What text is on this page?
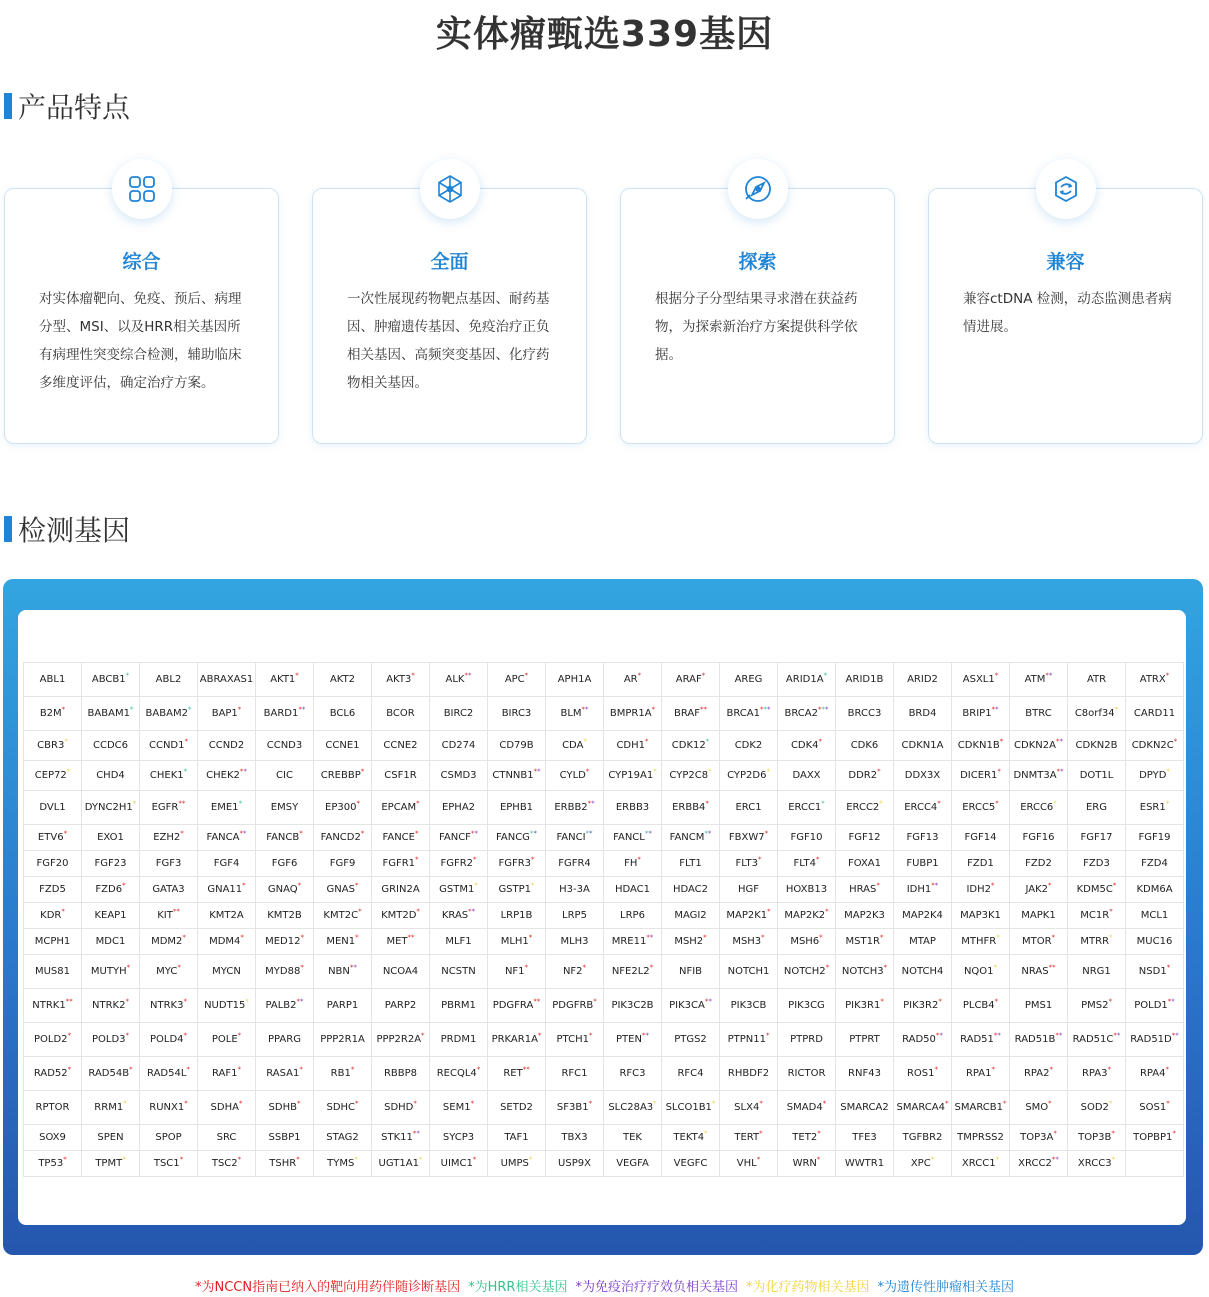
实体瘤甄选339基因
产品特点
综合
对实体瘤靶向、免疫、预后、病理分型、MSI、以及HRR相关基因所有病理性突变综合检测，辅助临床多维度评估，确定治疗方案。
全面
一次性展现药物靶点基因、耐药基因、肿瘤遗传基因、免疫治疗正负相关基因、高频突变基因、化疗药物相关基因。
探索
根据分子分型结果寻求潜在获益药物，为探索新治疗方案提供科学依据。
兼容
兼容ctDNA 检测，动态监测患者病情进展。
检测基因
ABL1	ABCB1*	ABL2	ABRAXAS1	AKT1*	AKT2	AKT3*	ALK**	APC*	APH1A	AR*	ARAF*	AREG	ARID1A*	ARID1B	ARID2	ASXL1*	ATM**	ATR	ATRX*
B2M*	BABAM1*	BABAM2*	BAP1*	BARD1**	BCL6	BCOR	BIRC2	BIRC3	BLM**	BMPR1A*	BRAF**	BRCA1***	BRCA2***	BRCC3	BRD4	BRIP1**	BTRC	C8orf34*	CARD11
CBR3*	CCDC6	CCND1*	CCND2	CCND3	CCNE1	CCNE2	CD274	CD79B	CDA*	CDH1*	CDK12*	CDK2	CDK4*	CDK6	CDKN1A	CDKN1B*	CDKN2A**	CDKN2B	CDKN2C*
CEP72*	CHD4	CHEK1*	CHEK2**	CIC	CREBBP*	CSF1R	CSMD3	CTNNB1**	CYLD*	CYP19A1*	CYP2C8*	CYP2D6*	DAXX	DDR2*	DDX3X	DICER1*	DNMT3A**	DOT1L	DPYD*
DVL1	DYNC2H1*	EGFR**	EME1*	EMSY	EP300*	EPCAM*	EPHA2	EPHB1	ERBB2**	ERBB3	ERBB4*	ERC1	ERCC1*	ERCC2*	ERCC4*	ERCC5*	ERCC6*	ERG	ESR1*
ETV6*	EXO1	EZH2*	FANCA**	FANCB*	FANCD2*	FANCE*	FANCF**	FANCG**	FANCI**	FANCL**	FANCM**	FBXW7*	FGF10	FGF12	FGF13	FGF14	FGF16	FGF17	FGF19
FGF20	FGF23	FGF3	FGF4	FGF6	FGF9	FGFR1*	FGFR2*	FGFR3*	FGFR4	FH*	FLT1	FLT3*	FLT4*	FOXA1	FUBP1	FZD1	FZD2	FZD3	FZD4
FZD5	FZD6*	GATA3	GNA11*	GNAQ*	GNAS*	GRIN2A	GSTM1*	GSTP1*	H3-3A	HDAC1	HDAC2	HGF	HOXB13	HRAS*	IDH1**	IDH2*	JAK2*	KDM5C*	KDM6A
KDR*	KEAP1	KIT**	KMT2A	KMT2B	KMT2C*	KMT2D*	KRAS**	LRP1B	LRP5	LRP6	MAGI2	MAP2K1*	MAP2K2*	MAP2K3	MAP2K4	MAP3K1	MAPK1	MC1R*	MCL1
MCPH1	MDC1	MDM2*	MDM4*	MED12*	MEN1*	MET**	MLF1	MLH1*	MLH3	MRE11**	MSH2*	MSH3*	MSH6*	MST1R*	MTAP	MTHFR*	MTOR*	MTRR*	MUC16
MUS81	MUTYH*	MYC*	MYCN	MYD88*	NBN**	NCOA4	NCSTN	NF1*	NF2*	NFE2L2*	NFIB	NOTCH1	NOTCH2*	NOTCH3*	NOTCH4	NQO1*	NRAS**	NRG1	NSD1*
NTRK1**	NTRK2*	NTRK3*	NUDT15*	PALB2**	PARP1	PARP2	PBRM1	PDGFRA**	PDGFRB*	PIK3C2B	PIK3CA**	PIK3CB	PIK3CG	PIK3R1*	PIK3R2*	PLCB4*	PMS1	PMS2*	POLD1**
POLD2*	POLD3*	POLD4*	POLE*	PPARG	PPP2R1A	PPP2R2A*	PRDM1	PRKAR1A*	PTCH1*	PTEN**	PTGS2	PTPN11*	PTPRD	PTPRT	RAD50**	RAD51**	RAD51B**	RAD51C**	RAD51D**
RAD52*	RAD54B*	RAD54L*	RAF1*	RASA1*	RB1*	RBBP8	RECQL4*	RET**	RFC1	RFC3	RFC4	RHBDF2	RICTOR	RNF43	ROS1*	RPA1*	RPA2*	RPA3*	RPA4*
RPTOR	RRM1*	RUNX1*	SDHA*	SDHB*	SDHC*	SDHD*	SEM1*	SETD2	SF3B1*	SLC28A3*	SLCO1B1*	SLX4*	SMAD4*	SMARCA2	SMARCA4*	SMARCB1*	SMO*	SOD2*	SOS1*
SOX9	SPEN	SPOP	SRC	SSBP1	STAG2	STK11**	SYCP3	TAF1	TBX3	TEK	TEKT4*	TERT*	TET2*	TFE3	TGFBR2	TMPRSS2	TOP3A*	TOP3B*	TOPBP1*
TP53*	TPMT*	TSC1*	TSC2*	TSHR*	TYMS*	UGT1A1*	UIMC1*	UMPS*	USP9X	VEGFA	VEGFC	VHL*	WRN*	WWTR1	XPC*	XRCC1*	XRCC2**	XRCC3*	
*为NCCN指南已纳入的靶向用药伴随诊断基因 *为HRR相关基因 *为免疫治疗疗效负相关基因 *为化疗药物相关基因 *为遗传性肿瘤相关基因
